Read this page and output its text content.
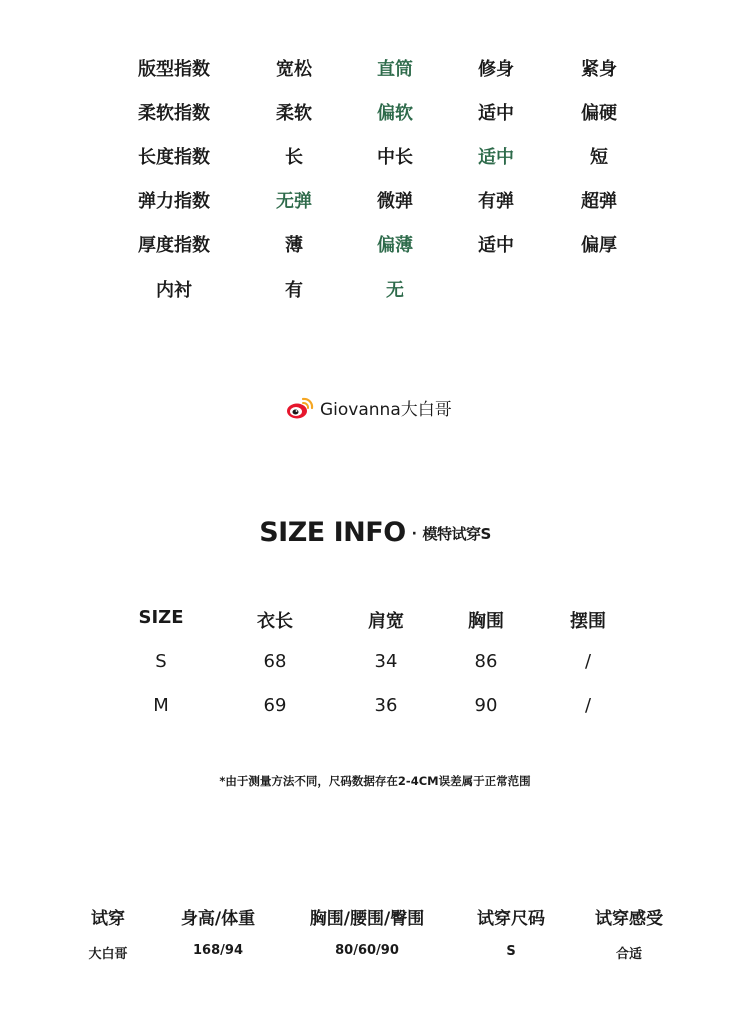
版型指数	宽松	直筒	修身	紧身
柔软指数	柔软	偏软	适中	偏硬
长度指数	长	中长	适中	短
弹力指数	无弹	微弹	有弹	超弹
厚度指数	薄	偏薄	适中	偏厚
内衬	有	无
Giovanna大白哥
SIZE INFO · 模特试穿S
SIZE	衣长	肩宽	胸围	摆围
S	68	34	86	/
M	69	36	90	/
*由于测量方法不同，尺码数据存在2-4CM误差属于正常范围
试穿	身高/体重	胸围/腰围/臀围	试穿尺码	试穿感受
大白哥	168/94	80/60/90	S	合适
